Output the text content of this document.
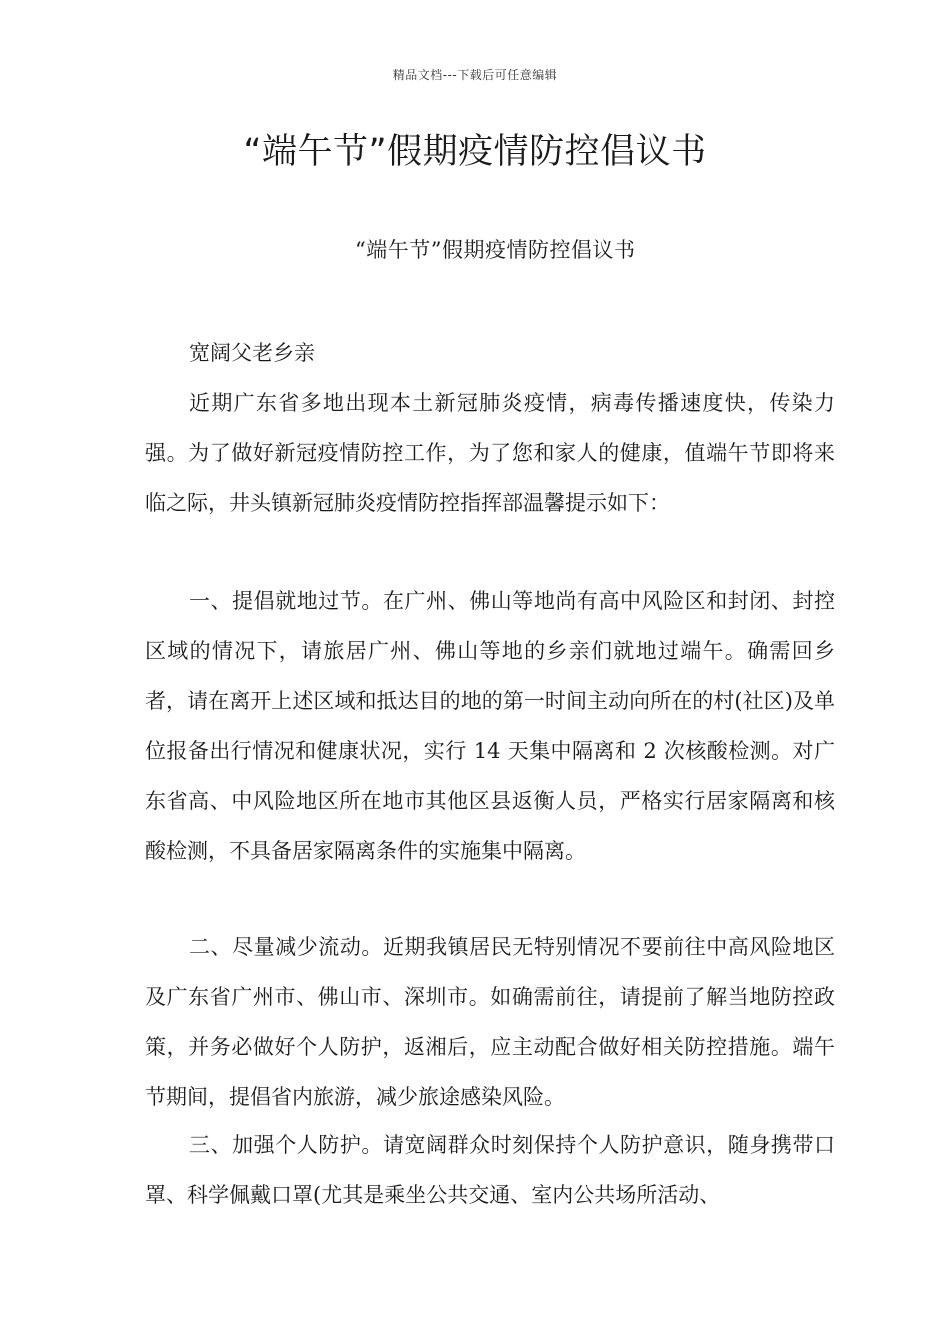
精品文档---下载后可任意编辑
“端午节”假期疫情防控倡议书
“端午节”假期疫情防控倡议书

宽阔父老乡亲

近期广东省多地出现本土新冠肺炎疫情，病毒传播速度快，传染力强。为了做好新冠疫情防控工作，为了您和家人的健康，值端午节即将来临之际，井头镇新冠肺炎疫情防控指挥部温馨提示如下：

一、提倡就地过节。在广州、佛山等地尚有高中风险区和封闭、封控区域的情况下，请旅居广州、佛山等地的乡亲们就地过端午。确需回乡者，请在离开上述区域和抵达目的地的第一时间主动向所在的村(社区)及单位报备出行情况和健康状况，实行 14 天集中隔离和 2 次核酸检测。对广东省高、中风险地区所在地市其他区县返衡人员，严格实行居家隔离和核酸检测，不具备居家隔离条件的实施集中隔离。

二、尽量减少流动。近期我镇居民无特别情况不要前往中高风险地区及广东省广州市、佛山市、深圳市。如确需前往，请提前了解当地防控政策，并务必做好个人防护，返湘后，应主动配合做好相关防控措施。端午节期间，提倡省内旅游，减少旅途感染风险。

三、加强个人防护。请宽阔群众时刻保持个人防护意识，随身携带口罩、科学佩戴口罩(尤其是乘坐公共交通、室内公共场所活动、
